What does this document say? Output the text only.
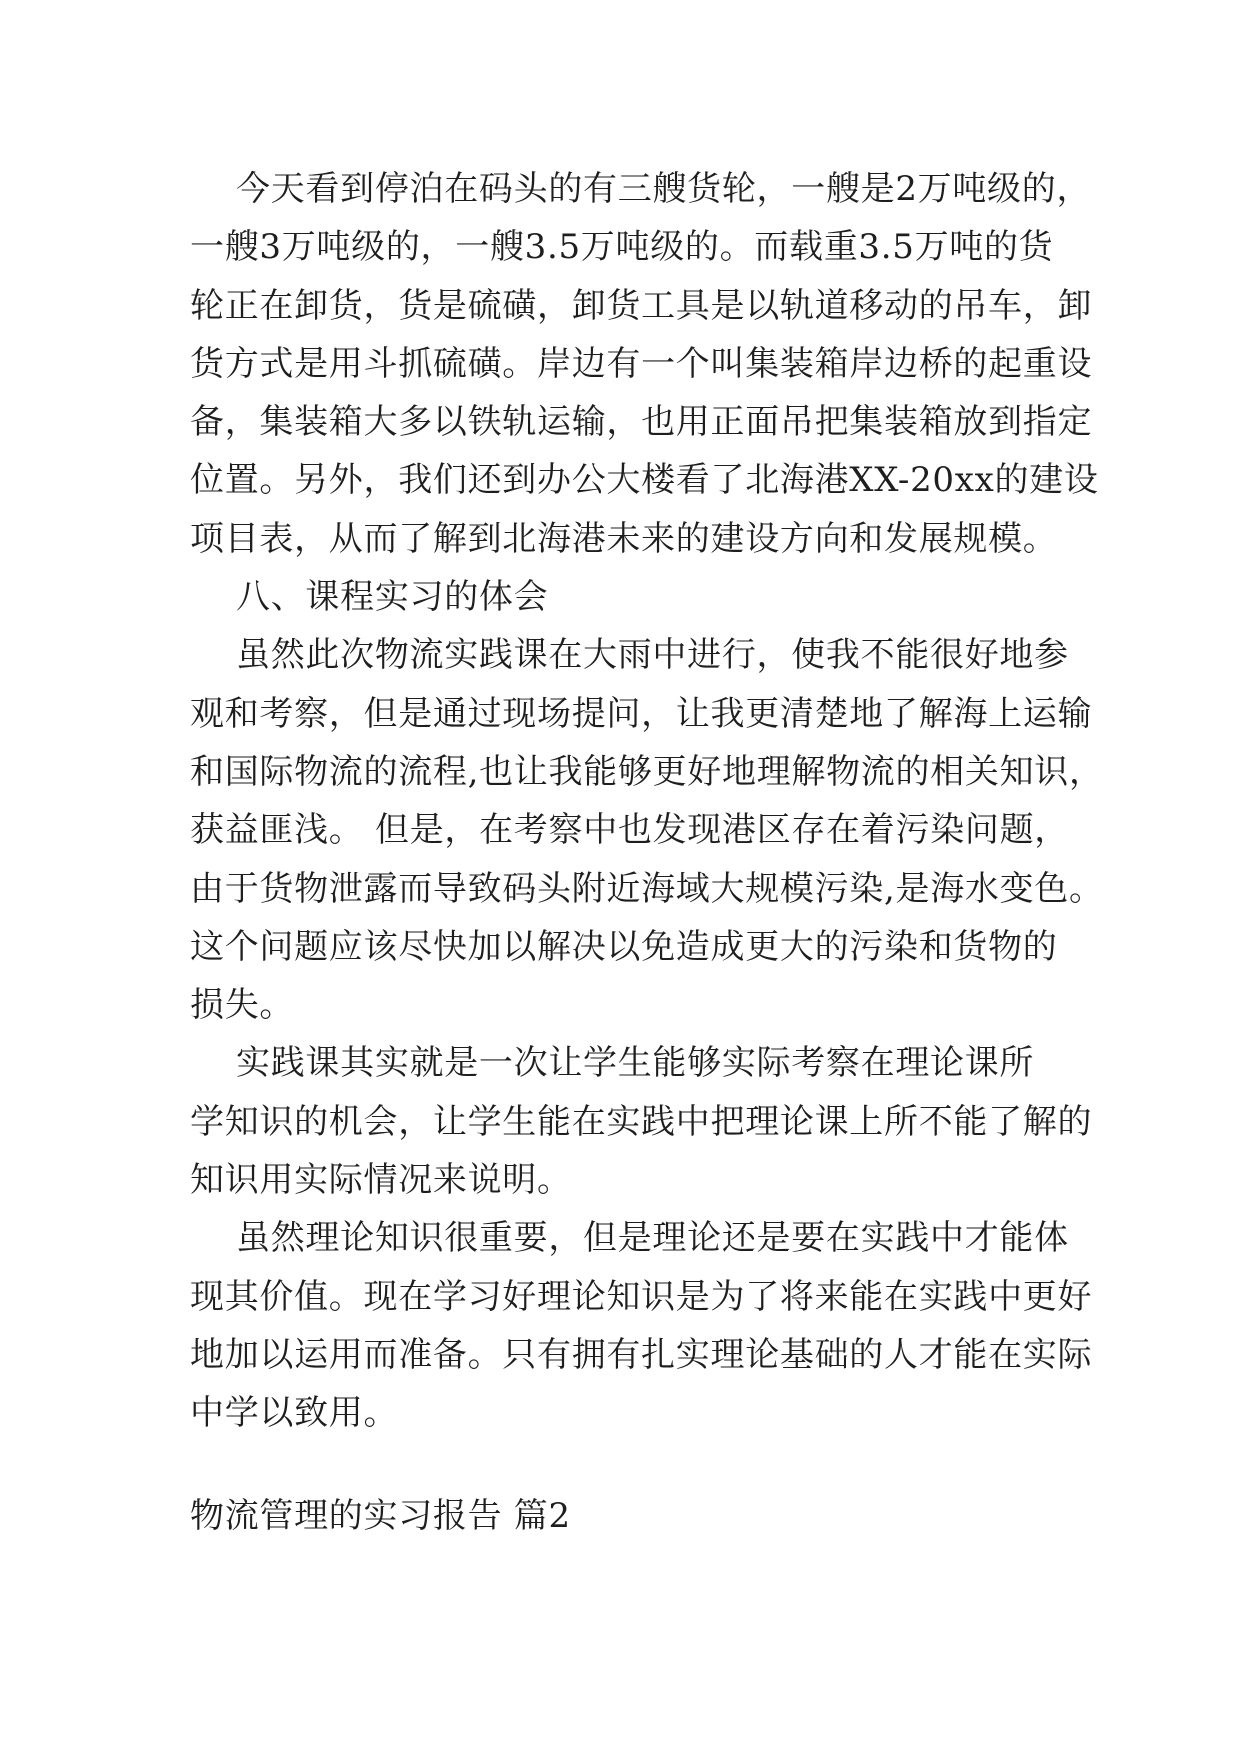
今天看到停泊在码头的有三艘货轮，一艘是2万吨级的，
一艘3万吨级的，一艘3.5万吨级的。而载重3.5万吨的货
轮正在卸货，货是硫磺，卸货工具是以轨道移动的吊车，卸
货方式是用斗抓硫磺。岸边有一个叫集装箱岸边桥的起重设
备，集装箱大多以铁轨运输，也用正面吊把集装箱放到指定
位置。另外，我们还到办公大楼看了北海港XX-20xx的建设
项目表，从而了解到北海港未来的建设方向和发展规模。
八、课程实习的体会
虽然此次物流实践课在大雨中进行，使我不能很好地参
观和考察，但是通过现场提问，让我更清楚地了解海上运输
和国际物流的流程,也让我能够更好地理解物流的相关知识，
获益匪浅。 但是，在考察中也发现港区存在着污染问题，
由于货物泄露而导致码头附近海域大规模污染,是海水变色。
这个问题应该尽快加以解决以免造成更大的污染和货物的
损失。
实践课其实就是一次让学生能够实际考察在理论课所
学知识的机会，让学生能在实践中把理论课上所不能了解的
知识用实际情况来说明。
虽然理论知识很重要，但是理论还是要在实践中才能体
现其价值。现在学习好理论知识是为了将来能在实践中更好
地加以运用而准备。只有拥有扎实理论基础的人才能在实际
中学以致用。
物流管理的实习报告 篇2
